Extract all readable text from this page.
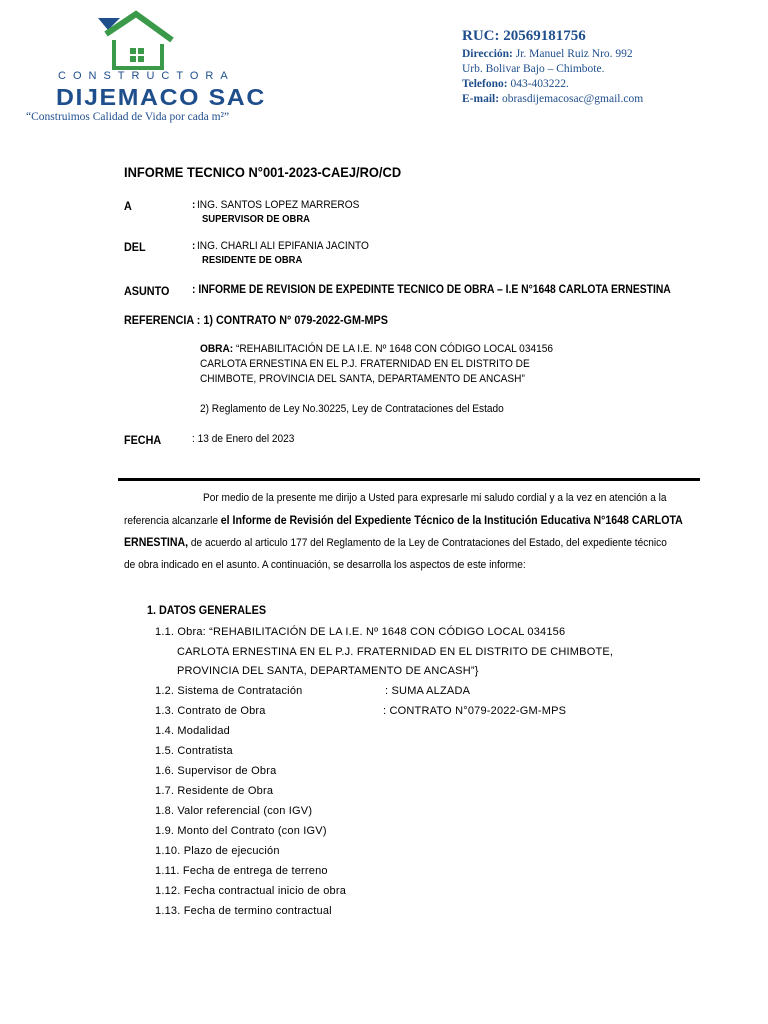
CONSTRUCTORA
DIJEMACO SAC
“Construimos Calidad de Vida por cada m²”
RUC: 20569181756
Dirección: Jr. Manuel Ruiz Nro. 992
Urb. Bolivar Bajo – Chimbote.
Telefono: 043-403222.
E-mail: obrasdijemacosac@gmail.com
INFORME TECNICO N°001-2023-CAEJ/RO/CD
A	: ING. SANTOS LOPEZ MARREROS
SUPERVISOR DE OBRA
DEL	: ING. CHARLI ALI EPIFANIA JACINTO
RESIDENTE DE OBRA
ASUNTO : INFORME DE REVISION DE EXPEDINTE TECNICO DE OBRA – I.E N°1648 CARLOTA ERNESTINA
REFERENCIA : 1) CONTRATO N° 079-2022-GM-MPS
OBRA: “REHABILITACIÓN DE LA I.E. Nº 1648 CON CÓDIGO LOCAL 034156
CARLOTA ERNESTINA EN EL P.J. FRATERNIDAD EN EL DISTRITO DE
CHIMBOTE, PROVINCIA DEL SANTA, DEPARTAMENTO DE ANCASH”
2) Reglamento de Ley No.30225, Ley de Contrataciones del Estado
FECHA	: 13 de Enero del 2023
Por medio de la presente me dirijo a Usted para expresarle mi saludo cordial y a la vez en atención a la
referencia alcanzarle el Informe de Revisión del Expediente Técnico de la Institución Educativa N°1648 CARLOTA
ERNESTINA, de acuerdo al articulo 177 del Reglamento de la Ley de Contrataciones del Estado, del expediente técnico
de obra indicado en el asunto. A continuación, se desarrolla los aspectos de este informe:
1. DATOS GENERALES
1.1. Obra: “REHABILITACIÓN DE LA I.E. Nº 1648 CON CÓDIGO LOCAL 034156
CARLOTA ERNESTINA EN EL P.J. FRATERNIDAD EN EL DISTRITO DE CHIMBOTE,
PROVINCIA DEL SANTA, DEPARTAMENTO DE ANCASH”}
1.2. Sistema de Contratación	: SUMA ALZADA
1.3. Contrato de Obra	: CONTRATO N°079-2022-GM-MPS
1.4. Modalidad
1.5. Contratista
1.6. Supervisor de Obra
1.7. Residente de Obra
1.8. Valor referencial (con IGV)
1.9. Monto del Contrato (con IGV)
1.10. Plazo de ejecución
1.11. Fecha de entrega de terreno
1.12. Fecha contractual inicio de obra
1.13. Fecha de termino contractual
